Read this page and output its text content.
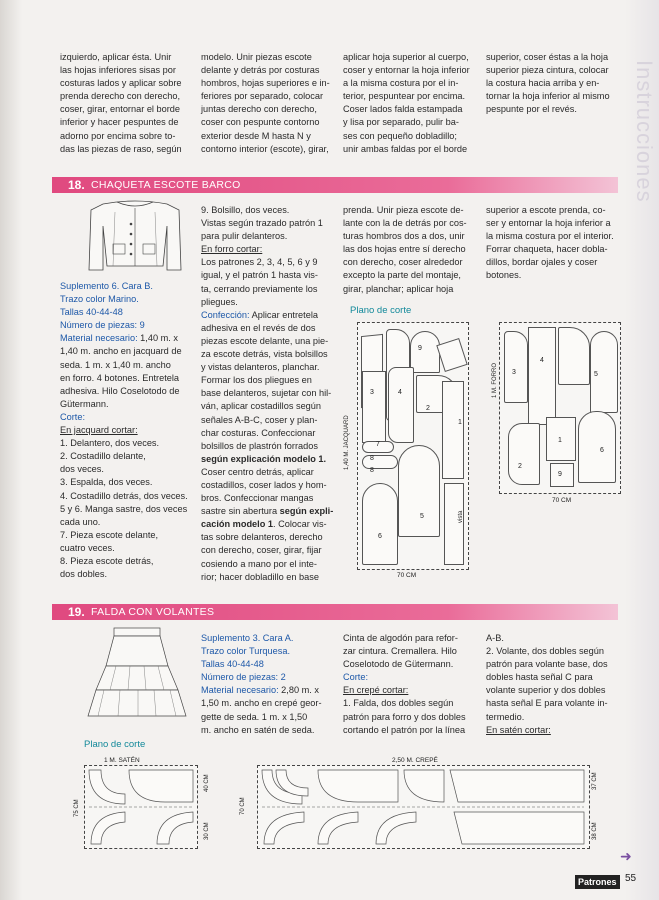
Instrucciones

izquierdo, aplicar ésta. Unir

las hojas inferiores sisas por

costuras lados y aplicar sobre

prenda derecho con derecho,

coser, girar, entornar el borde

inferior y hacer pespuntes de

adorno por encima sobre to-

das las piezas de raso, según

modelo. Unir piezas escote

delante y detrás por costuras

hombros, hojas superiores e in-

feriores por separado, colocar

juntas derecho con derecho,

coser con pespunte contorno

exterior desde M hasta N y

contorno interior (escote), girar,

aplicar hoja superior al cuerpo,

coser y entornar la hoja inferior

a la misma costura por el in-

terior, pespuntear por encima.

Coser lados falda estampada

y lisa por separado, pulir ba-

ses con pequeño dobladillo;

unir ambas faldas por el borde

superior, coser éstas a la hoja

superior pieza cintura, colocar

la costura hacia arriba y en-

tornar la hoja inferior al mismo

pespunte por el revés.

18. CHAQUETA ESCOTE BARCO

Suplemento 6. Cara B.

Trazo color Marino.

Tallas 40-44-48

Número de piezas: 9

Material necesario: 1,40 m. x

1,40 m. ancho en jacquard de

seda. 1 m. x 1,40 m. ancho

en forro. 4 botones. Entretela

adhesiva. Hilo Coselotodo de

Gütermann.

Corte:

En jacquard cortar:

1. Delantero, dos veces.

2. Costadillo delante,

dos veces.

3. Espalda, dos veces.

4. Costadillo detrás, dos veces.

5 y 6. Manga sastre, dos veces

cada uno.

7. Pieza escote delante,

cuatro veces.

8. Pieza escote detrás,

dos dobles.

9. Bolsillo, dos veces.

Vistas según trazado patrón 1

para pulir delanteros.

En forro cortar:

Los patrones 2, 3, 4, 5, 6 y 9

igual, y el patrón 1 hasta vis-

ta, cerrando previamente los

pliegues.

Confección: Aplicar entretela

adhesiva en el revés de dos

piezas escote delante, una pie-

za escote detrás, vista bolsillos

y vistas delanteros, planchar.

Formar los dos pliegues en

base delanteros, sujetar con hil-

ván, aplicar costadillos según

señales A-B-C, coser y plan-

char costuras. Confeccionar

bolsillos de plastrón forrados

según explicación modelo 1.

Coser centro detrás, aplicar

costadillos, coser lados y hom-

bros. Confeccionar mangas

sastre sin abertura según expli-

cación modelo 1. Colocar vis-

tas sobre delanteros, derecho

con derecho, coser, girar, fijar

cosiendo a mano por el inte-

rior; hacer dobladillo en base

prenda. Unir pieza escote de-

lante con la de detrás por cos-

turas hombros dos a dos, unir

las dos hojas entre sí derecho

con derecho, coser alrededor

excepto la parte del montaje,

girar, planchar; aplicar hoja

superior a escote prenda, co-

ser y entornar la hoja inferior a

la misma costura por el interior.

Forrar chaqueta, hacer dobla-

dillos, bordar ojales y coser

botones.

Plano de corte
9
3	4
2
1
7
8
8
5
6
vista
1,40 M. JACQUARD
70 CM
3
4
5
1
2
9
6
1 M. FORRO
70 CM
19. FALDA CON VOLANTES

Suplemento 3. Cara A.

Trazo color Turquesa.

Tallas 40-44-48

Número de piezas: 2

Material necesario: 2,80 m. x

1,50 m. ancho en crepé geor-

gette de seda. 1 m. x 1,50

m. ancho en satén de seda.

Cinta de algodón para refor-

zar cintura. Cremallera. Hilo

Coselotodo de Gütermann.

Corte:

En crepé cortar:

1. Falda, dos dobles según

patrón para forro y dos dobles

cortando el patrón por la línea

A-B.

2. Volante, dos dobles según

patrón para volante base, dos

dobles hasta señal C para

volante superior y dos dobles

hasta señal E para volante in-

termedio.

En satén cortar:

Plano de corte
1 M. SATÉN
75 CM
40 CM
30 CM
2,50 M. CREPÉ
70 CM
37 CM
38 CM
➜
Patrones 55
